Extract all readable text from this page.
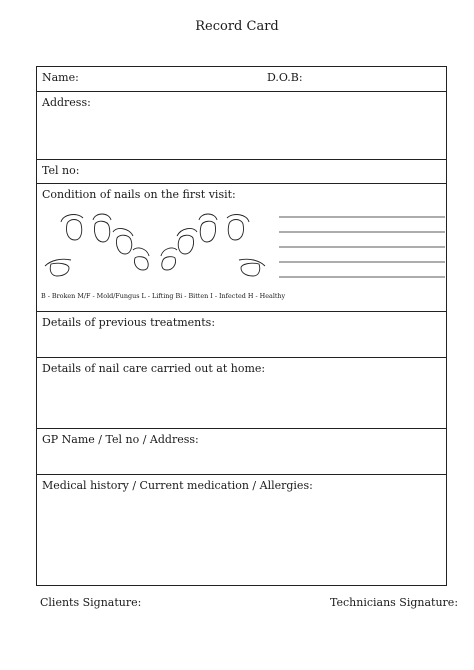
Record Card
Name:	D.O.B:
Address:
Tel no:
Condition of nails on the first visit:
B - Broken M/F - Mold/Fungus L - Lifting Bi - Bitten I - Infected H - Healthy
Details of previous treatments:
Details of nail care carried out at home:
GP Name / Tel no / Address:
Medical history / Current medication / Allergies:
Clients Signature:	Technicians Signature:
